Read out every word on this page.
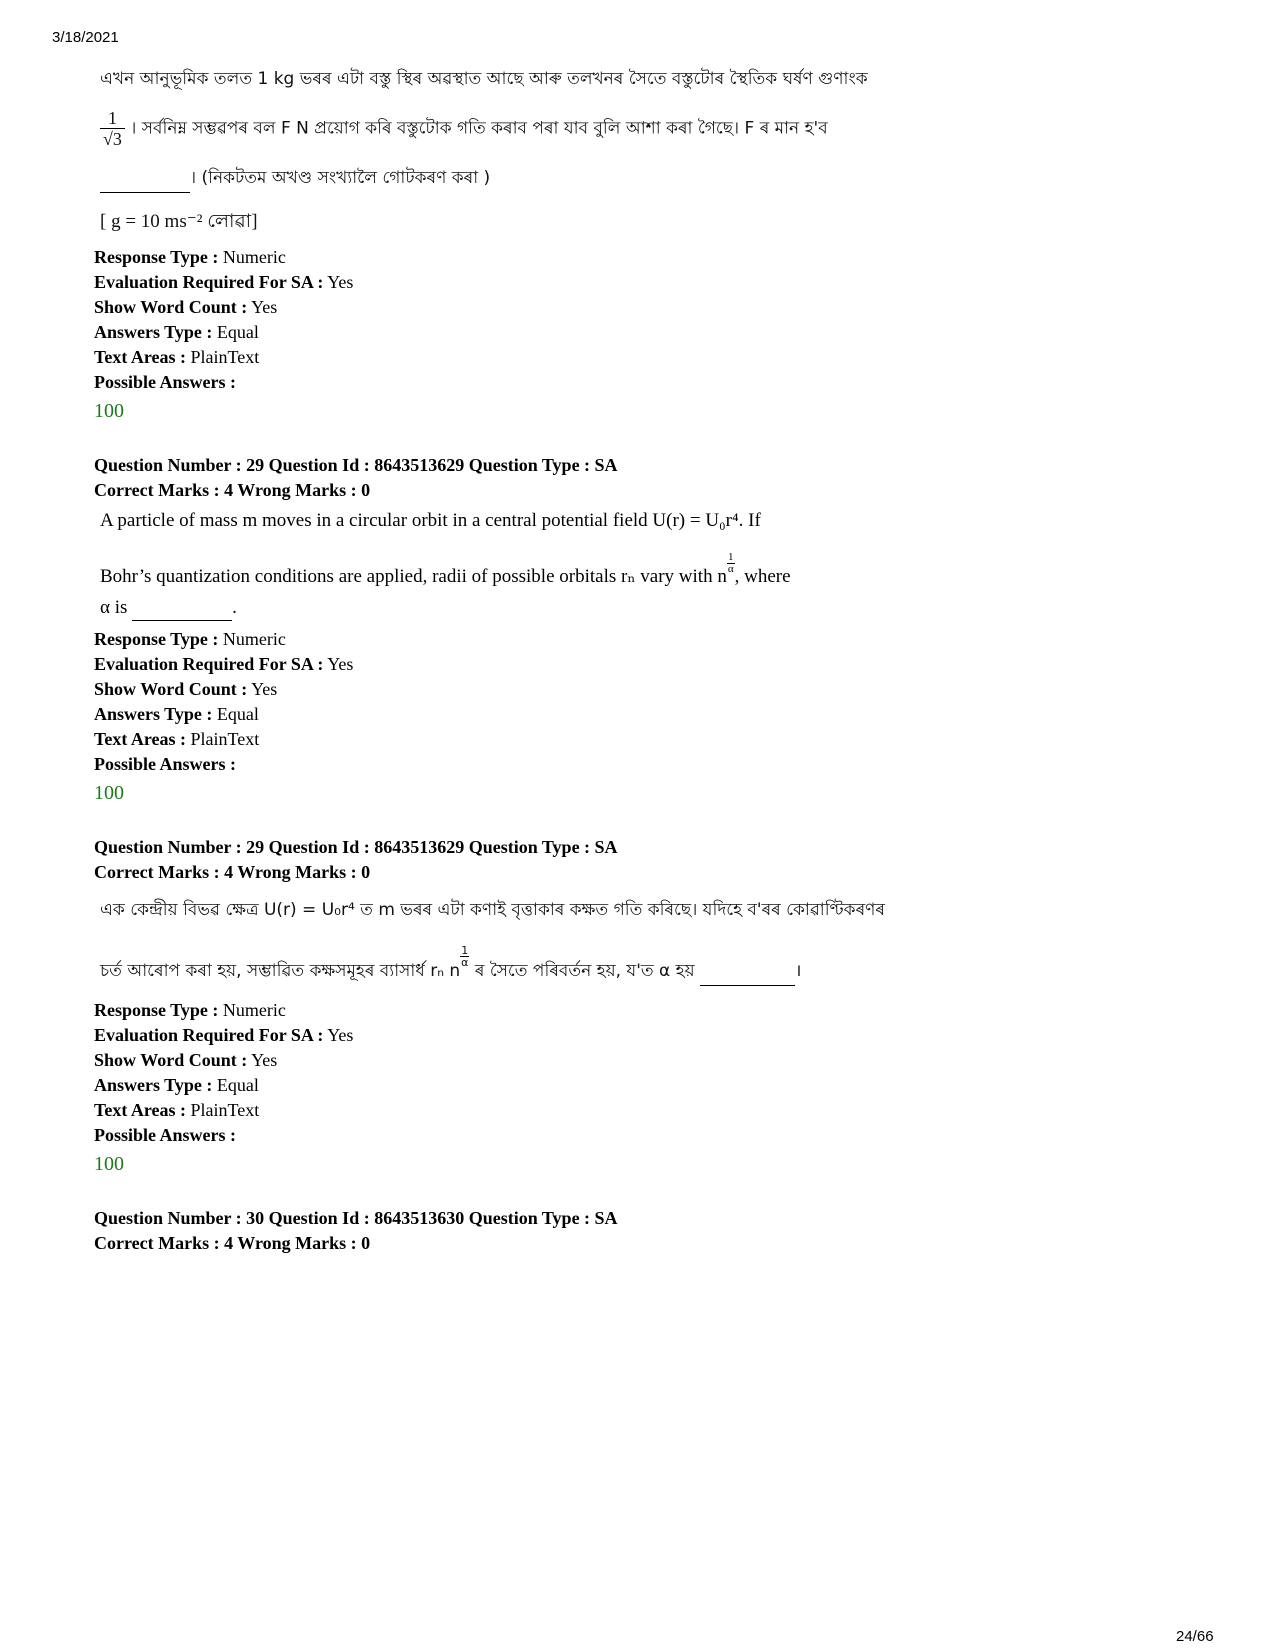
3/18/2021
এখন আনুভূমিক তলত 1 kg ভৰৰ এটা বস্তু স্থিৰ অৱস্থাত আছে আৰু তলখনৰ সৈতে বস্তুটোৰ স্থৈতিক ঘৰ্ষণ গুণাংক
$\frac{1}{√3}$ । সৰ্বনিম্ন সম্ভৱপৰ বল F N প্ৰয়োগ কৰি বস্তুটোক গতি কৰাব পৰা যাব বুলি আশা কৰা গৈছে। F ৰ মান হ'ব
। (নিকটতম অখণ্ড সংখ্যালৈ গোটকৰণ কৰা )
[ g = 10 ms⁻² লোৱা]
Response Type : Numeric
Evaluation Required For SA : Yes
Show Word Count : Yes
Answers Type : Equal
Text Areas : PlainText
Possible Answers :
100
Question Number : 29 Question Id : 8643513629 Question Type : SA
Correct Marks : 4 Wrong Marks : 0
A particle of mass m moves in a circular orbit in a central potential field U(r) = U₀r⁴. If
Bohr’s quantization conditions are applied, radii of possible orbitals rₙ vary with n
$\frac{1}{\alpha}$
, where
α is	.
Response Type : Numeric
Evaluation Required For SA : Yes
Show Word Count : Yes
Answers Type : Equal
Text Areas : PlainText
Possible Answers :
100
Question Number : 29 Question Id : 8643513629 Question Type : SA
Correct Marks : 4 Wrong Marks : 0
এক কেন্দ্ৰীয় বিভৱ ক্ষেত্ৰ U(r) = U₀r⁴ ত m ভৰৰ এটা কণাই বৃত্তাকাৰ কক্ষত গতি কৰিছে। যদিহে ব'ৰৰ কোৱাণ্টিকৰণৰ
চৰ্ত আৰোপ কৰা হয়, সম্ভাৱিত কক্ষসমূহৰ ব্যাসাৰ্ধ rₙ n
$\frac{1}{\alpha}$
ৰ সৈতে পৰিবৰ্তন হয়, য'ত α হয়	।
Response Type : Numeric
Evaluation Required For SA : Yes
Show Word Count : Yes
Answers Type : Equal
Text Areas : PlainText
Possible Answers :
100
Question Number : 30 Question Id : 8643513630 Question Type : SA
Correct Marks : 4 Wrong Marks : 0
24/66
